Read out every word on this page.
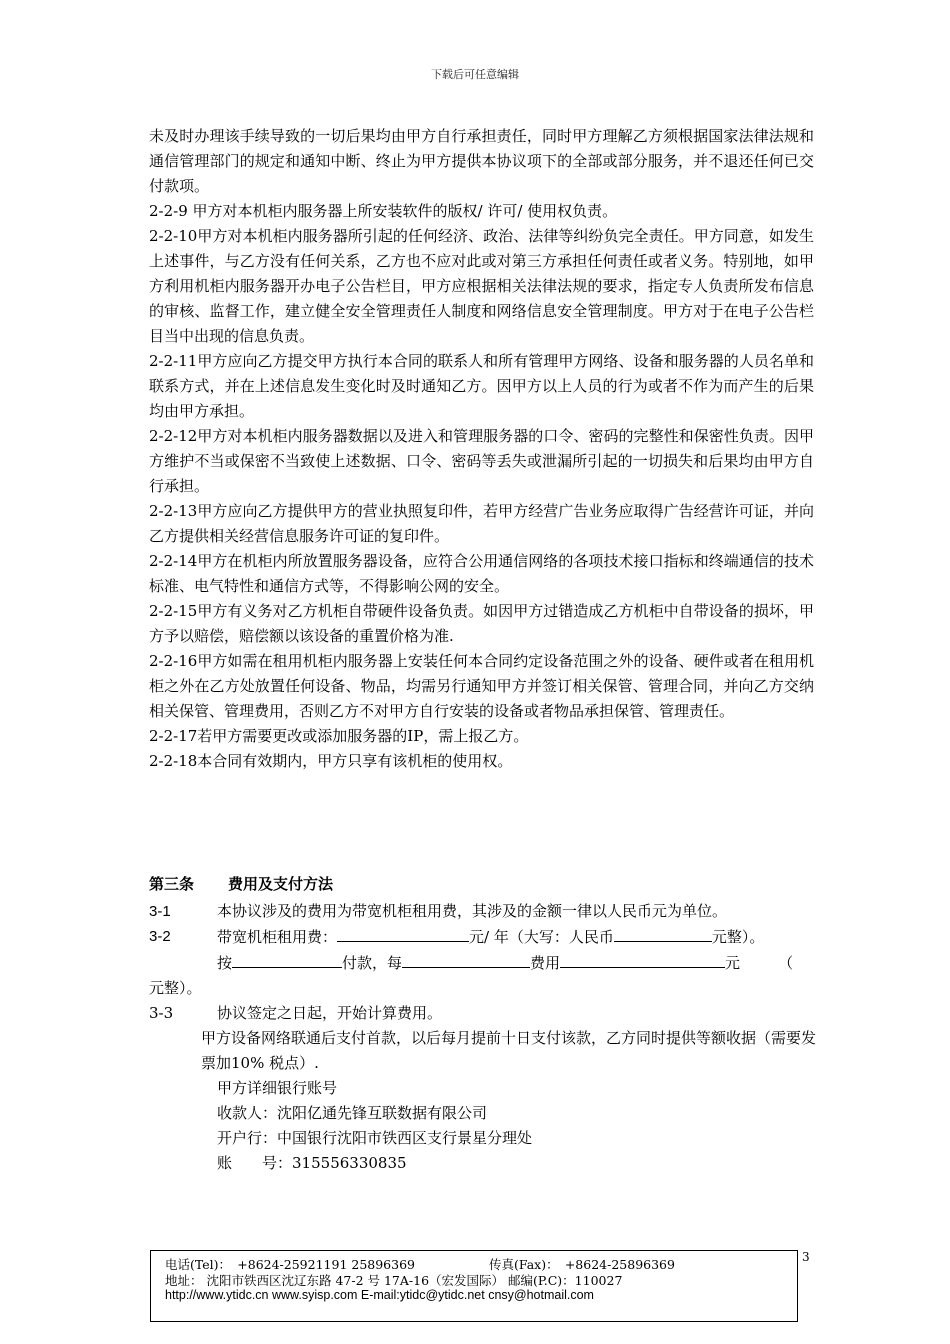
下载后可任意编辑

未及时办理该手续导致的一切后果均由甲方自行承担责任，同时甲方理解乙方须根据国家法律法规和通信管理部门的规定和通知中断、终止为甲方提供本协议项下的全部或部分服务，并不退还任何已交付款项。

2-2-9 甲方对本机柜内服务器上所安装软件的版权/ 许可/ 使用权负责。

2-2-10甲方对本机柜内服务器所引起的任何经济、政治、法律等纠纷负完全责任。甲方同意，如发生上述事件，与乙方没有任何关系，乙方也不应对此或对第三方承担任何责任或者义务。特别地，如甲方利用机柜内服务器开办电子公告栏目，甲方应根据相关法律法规的要求，指定专人负责所发布信息的审核、监督工作，建立健全安全管理责任人制度和网络信息安全管理制度。甲方对于在电子公告栏目当中出现的信息负责。

2-2-11甲方应向乙方提交甲方执行本合同的联系人和所有管理甲方网络、设备和服务器的人员名单和联系方式，并在上述信息发生变化时及时通知乙方。因甲方以上人员的行为或者不作为而产生的后果均由甲方承担。

2-2-12甲方对本机柜内服务器数据以及进入和管理服务器的口令、密码的完整性和保密性负责。因甲方维护不当或保密不当致使上述数据、口令、密码等丢失或泄漏所引起的一切损失和后果均由甲方自行承担。

2-2-13甲方应向乙方提供甲方的营业执照复印件，若甲方经营广告业务应取得广告经营许可证，并向乙方提供相关经营信息服务许可证的复印件。

2-2-14甲方在机柜内所放置服务器设备，应符合公用通信网络的各项技术接口指标和终端通信的技术标准、电气特性和通信方式等，不得影响公网的安全。

2-2-15甲方有义务对乙方机柜自带硬件设备负责。如因甲方过错造成乙方机柜中自带设备的损坏，甲方予以赔偿，赔偿额以该设备的重置价格为准.

2-2-16甲方如需在租用机柜内服务器上安装任何本合同约定设备范围之外的设备、硬件或者在租用机柜之外在乙方处放置任何设备、物品，均需另行通知甲方并签订相关保管、管理合同，并向乙方交纳相关保管、管理费用，否则乙方不对甲方自行安装的设备或者物品承担保管、管理责任。

2-2-17若甲方需要更改或添加服务器的IP，需上报乙方。

2-2-18本合同有效期内，甲方只享有该机柜的使用权。

第三条 费用及支付方法
3-1	本协议涉及的费用为带宽机柜租用费，其涉及的金额一律以人民币元为单位。
3-2	带宽机柜租用费：	元/ 年（大写：人民币	元整）。
按	付款，每	费用	元	（
元整）。
3-3	协议签定之日起，开始计算费用。
甲方设备网络联通后支付首款，以后每月提前十日支付该款，乙方同时提供等额收据（需要发票加10% 税点）.
甲方详细银行账号
收款人：沈阳亿通先锋互联数据有限公司
开户行：中国银行沈阳市铁西区支行景星分理处
账　　号：315556330835
电话(Tel)：　+8624-25921191 25896369	传真(Fax)：　+8624-25896369
地址： 沈阳市铁西区沈辽东路 47-2 号 17A-16（宏发国际） 邮编(P.C)：110027
http://www.ytidc.cn www.syisp.com E-mail:ytidc@ytidc.net cnsy@hotmail.com
3
